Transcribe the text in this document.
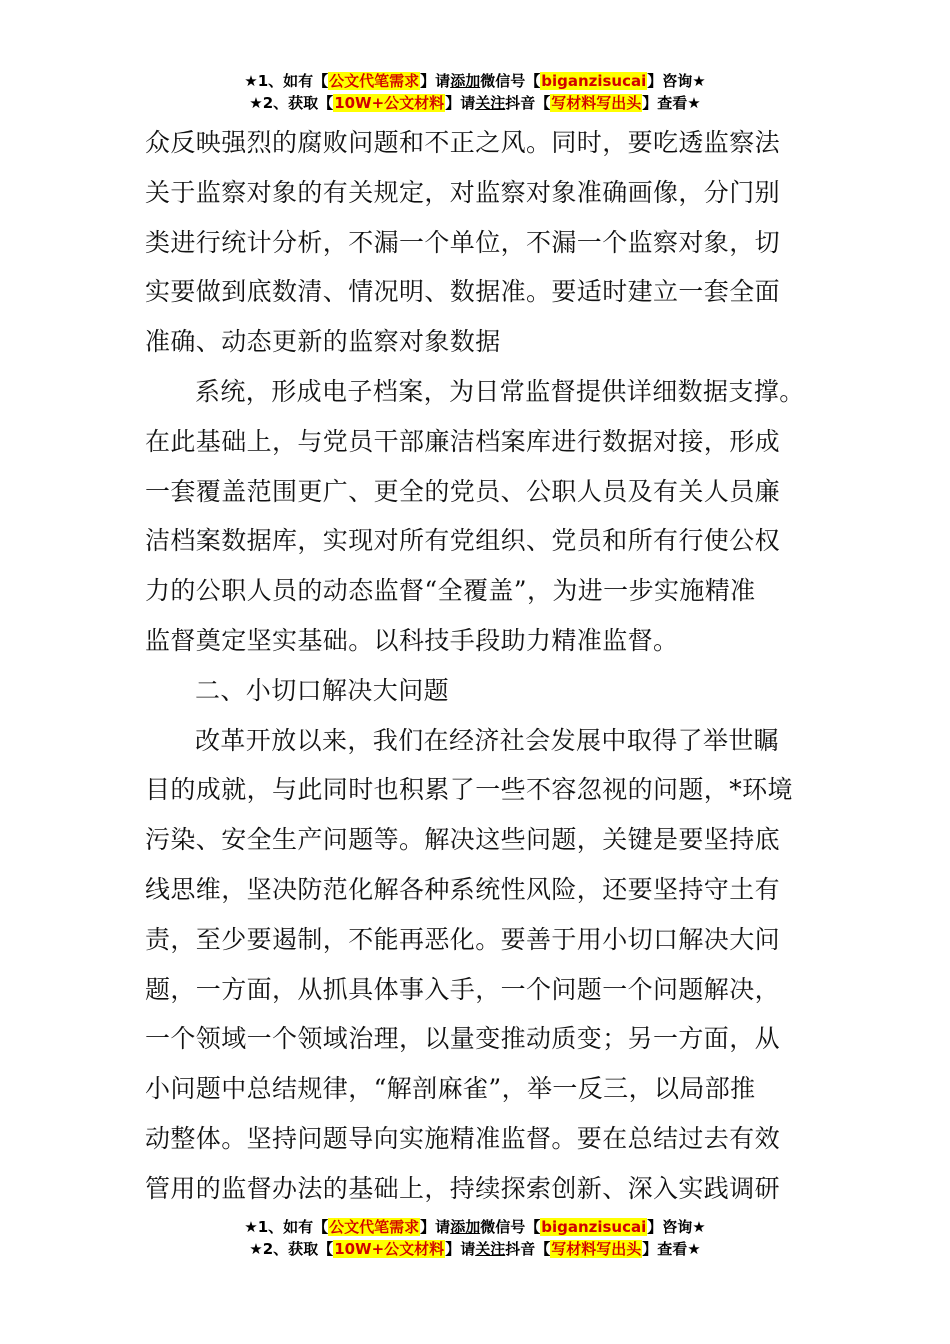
★1、如有【公文代笔需求】请添加微信号【biganzisucai】咨询★
★2、获取【10W+公文材料】请关注抖音【写材料写出头】查看★
众反映强烈的腐败问题和不正之风。同时，要吃透监察法
关于监察对象的有关规定，对监察对象准确画像，分门别
类进行统计分析，不漏一个单位，不漏一个监察对象，切
实要做到底数清、情况明、数据准。要适时建立一套全面
准确、动态更新的监察对象数据
系统，形成电子档案，为日常监督提供详细数据支撑。
在此基础上，与党员干部廉洁档案库进行数据对接，形成
一套覆盖范围更广、更全的党员、公职人员及有关人员廉
洁档案数据库，实现对所有党组织、党员和所有行使公权
力的公职人员的动态监督“全覆盖”，为进一步实施精准
监督奠定坚实基础。以科技手段助力精准监督。
二、小切口解决大问题
改革开放以来，我们在经济社会发展中取得了举世瞩
目的成就，与此同时也积累了一些不容忽视的问题，*环境
污染、安全生产问题等。解决这些问题，关键是要坚持底
线思维，坚决防范化解各种系统性风险，还要坚持守土有
责，至少要遏制，不能再恶化。要善于用小切口解决大问
题，一方面，从抓具体事入手，一个问题一个问题解决，
一个领域一个领域治理，以量变推动质变；另一方面，从
小问题中总结规律，“解剖麻雀”，举一反三，以局部推
动整体。坚持问题导向实施精准监督。要在总结过去有效
管用的监督办法的基础上，持续探索创新、深入实践调研
★1、如有【公文代笔需求】请添加微信号【biganzisucai】咨询★
★2、获取【10W+公文材料】请关注抖音【写材料写出头】查看★
